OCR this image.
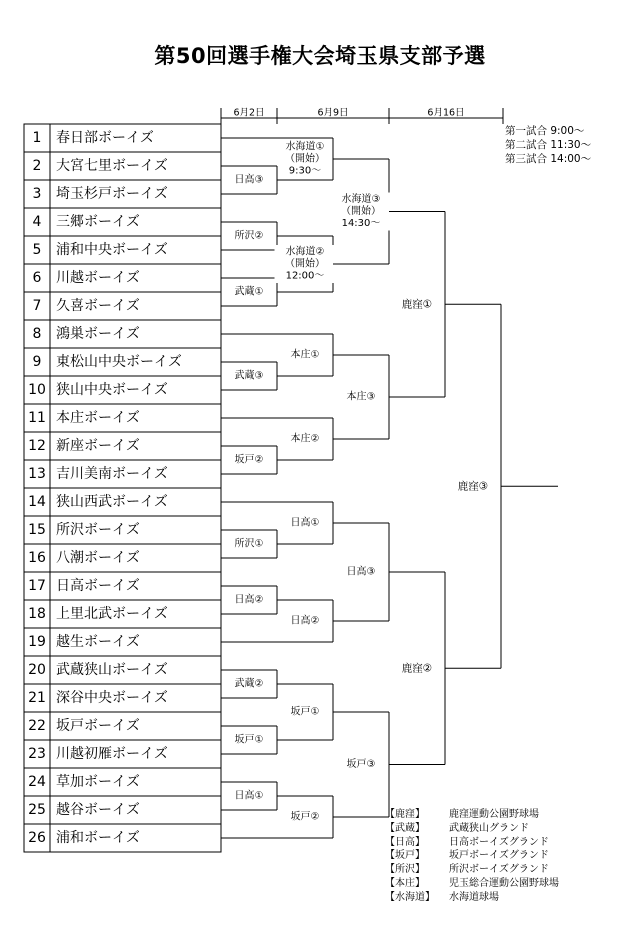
第50回選手権大会埼玉県支部予選
第一試合 9:00～
第二試合 11:30～
第三試合 14:00～
1 春日部ボーイズ
2 大宮七里ボーイズ
3 埼玉杉戸ボーイズ
4 三郷ボーイズ
5 浦和中央ボーイズ
6 川越ボーイズ
7 久喜ボーイズ
8 鴻巣ボーイズ
9 東松山中央ボーイズ
10 狭山中央ボーイズ
11 本庄ボーイズ
12 新座ボーイズ
13 吉川美南ボーイズ
14 狭山西武ボーイズ
15 所沢ボーイズ
16 八潮ボーイズ
17 日高ボーイズ
18 上里北武ボーイズ
19 越生ボーイズ
20 武蔵狭山ボーイズ
21 深谷中央ボーイズ
22 坂戸ボーイズ
23 川越初雁ボーイズ
24 草加ボーイズ
25 越谷ボーイズ
26 浦和ボーイズ
6月2日	6月9日	6月16日
日高③
所沢②
武蔵①
武蔵③
坂戸②
所沢①
日高②
武蔵②
坂戸①
日高①
水海道①
（開始）
9:30～
水海道②
（開始）
12:00～
本庄①
本庄②
日高①
日高②
坂戸①
坂戸②
水海道③
（開始）
14:30～
本庄③
日高③
坂戸③
鹿窪①
鹿窪②
鹿窪③
【鹿窪】	鹿窪運動公園野球場
【武蔵】	武蔵狭山グランド
【日高】	日高ボーイズグランド
【坂戸】	坂戸ボーイズグランド
【所沢】	所沢ボーイズグランド
【本庄】	児玉総合運動公園野球場
【水海道】	水海道球場
